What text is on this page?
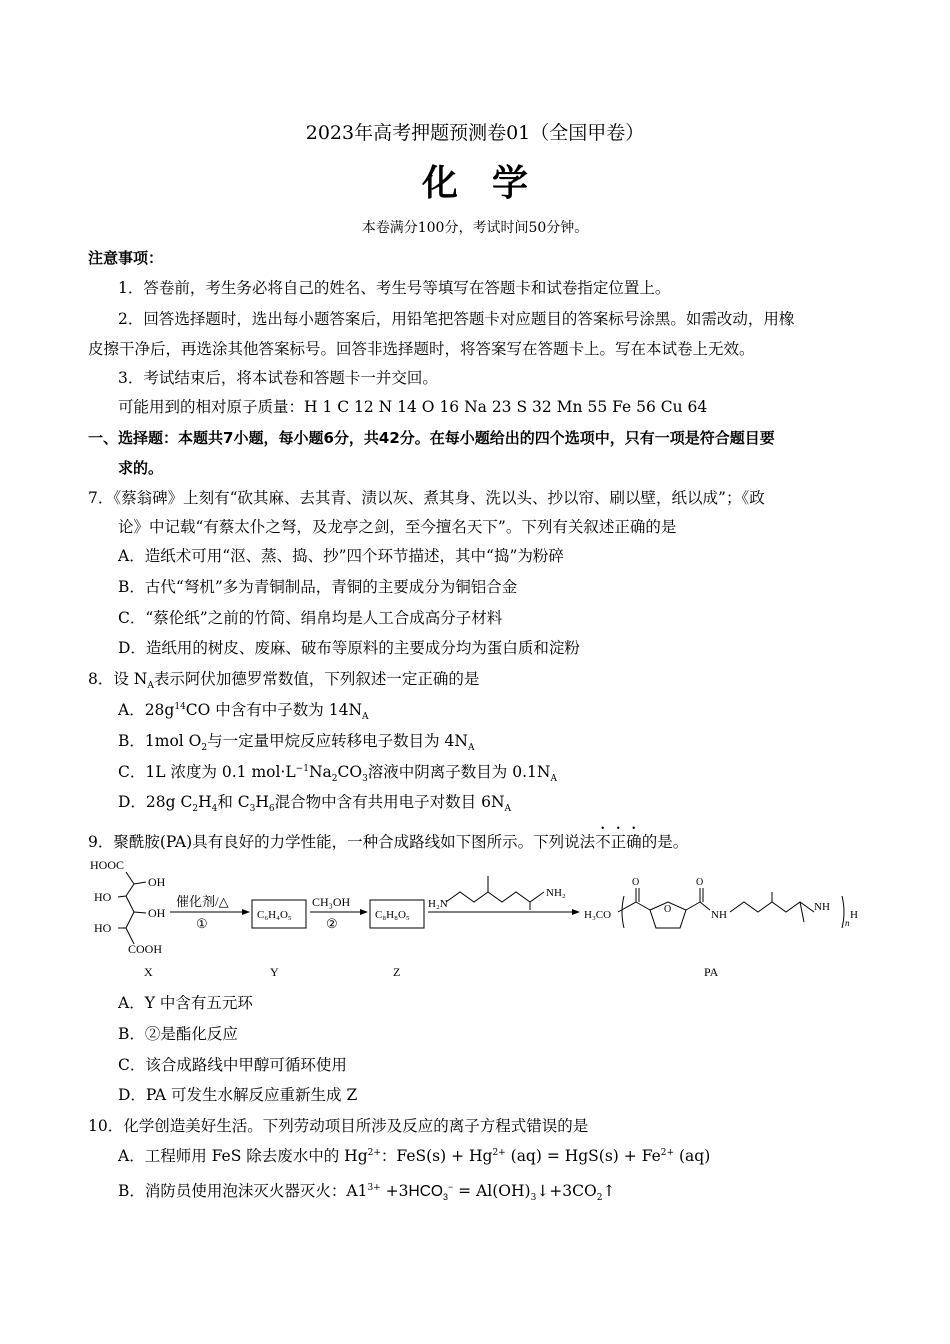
2023年高考押题预测卷01（全国甲卷）
化学
本卷满分100分，考试时间50分钟。
注意事项：
1．答卷前，考生务必将自己的姓名、考生号等填写在答题卡和试卷指定位置上。
2．回答选择题时，选出每小题答案后，用铅笔把答题卡对应题目的答案标号涂黑。如需改动，用橡
皮擦干净后，再选涂其他答案标号。回答非选择题时，将答案写在答题卡上。写在本试卷上无效。
3．考试结束后，将本试卷和答题卡一并交回。
可能用到的相对原子质量：H 1 C 12 N 14 O 16 Na 23 S 32 Mn 55 Fe 56 Cu 64
一、选择题：本题共7小题，每小题6分，共42分。在每小题给出的四个选项中，只有一项是符合题目要
求的。
7．《蔡翁碑》上刻有“砍其麻、去其青、渍以灰、煮其身、洗以头、抄以帘、刷以壁，纸以成”；《政
论》中记载“有蔡太仆之弩，及龙亭之剑，至今擅名天下”。下列有关叙述正确的是
A．造纸术可用“沤、蒸、捣、抄”四个环节描述，其中“捣”为粉碎
B．古代“弩机”多为青铜制品，青铜的主要成分为铜铝合金
C．“蔡伦纸”之前的竹简、绢帛均是人工合成高分子材料
D．造纸用的树皮、废麻、破布等原料的主要成分均为蛋白质和淀粉
8．设 $N_A$表示阿伏加德罗常数值，下列叙述一定正确的是
A．$28g^{14}CO$ 中含有中子数为 $14N_A$
B．1mol $O_2$与一定量甲烷反应转移电子数目为 $4N_A$
C．1L 浓度为 0.1 $mol\cdot L^{-1}Na_2CO_3$溶液中阴离子数目为 $0.1N_A$
D．28g $C_2H_4$和 $C_3H_6$混合物中含有共用电子对数目 $6N_A$
9．聚酰胺(PA)具有良好的力学性能，一种合成路线如下图所示。下列说法不正确的是。
HOOC
OH
HO
OH
HO
COOH
催化剂/△
①
C₆H₄O₅
CH₃OH
②
C₈H₈O₅
H₂N
NH₂
H₃CO
O
O
O
NH
NH
n
H
X	Y	Z	PA
A．Y 中含有五元环
B．②是酯化反应
C．该合成路线中甲醇可循环使用
D．PA 可发生水解反应重新生成 Z
10．化学创造美好生活。下列劳动项目所涉及反应的离子方程式错误的是
A．工程师用 FeS 除去废水中的 $Hg^{2+}$：$FeS(s) + Hg^{2+}$ $(aq) = HgS(s) + Fe^{2+}$ (aq)
B．消防员使用泡沫灭火器灭火：$A1^{3+} +3HCO_3^-$ = $Al(OH)_3↓+3CO_2↑$
